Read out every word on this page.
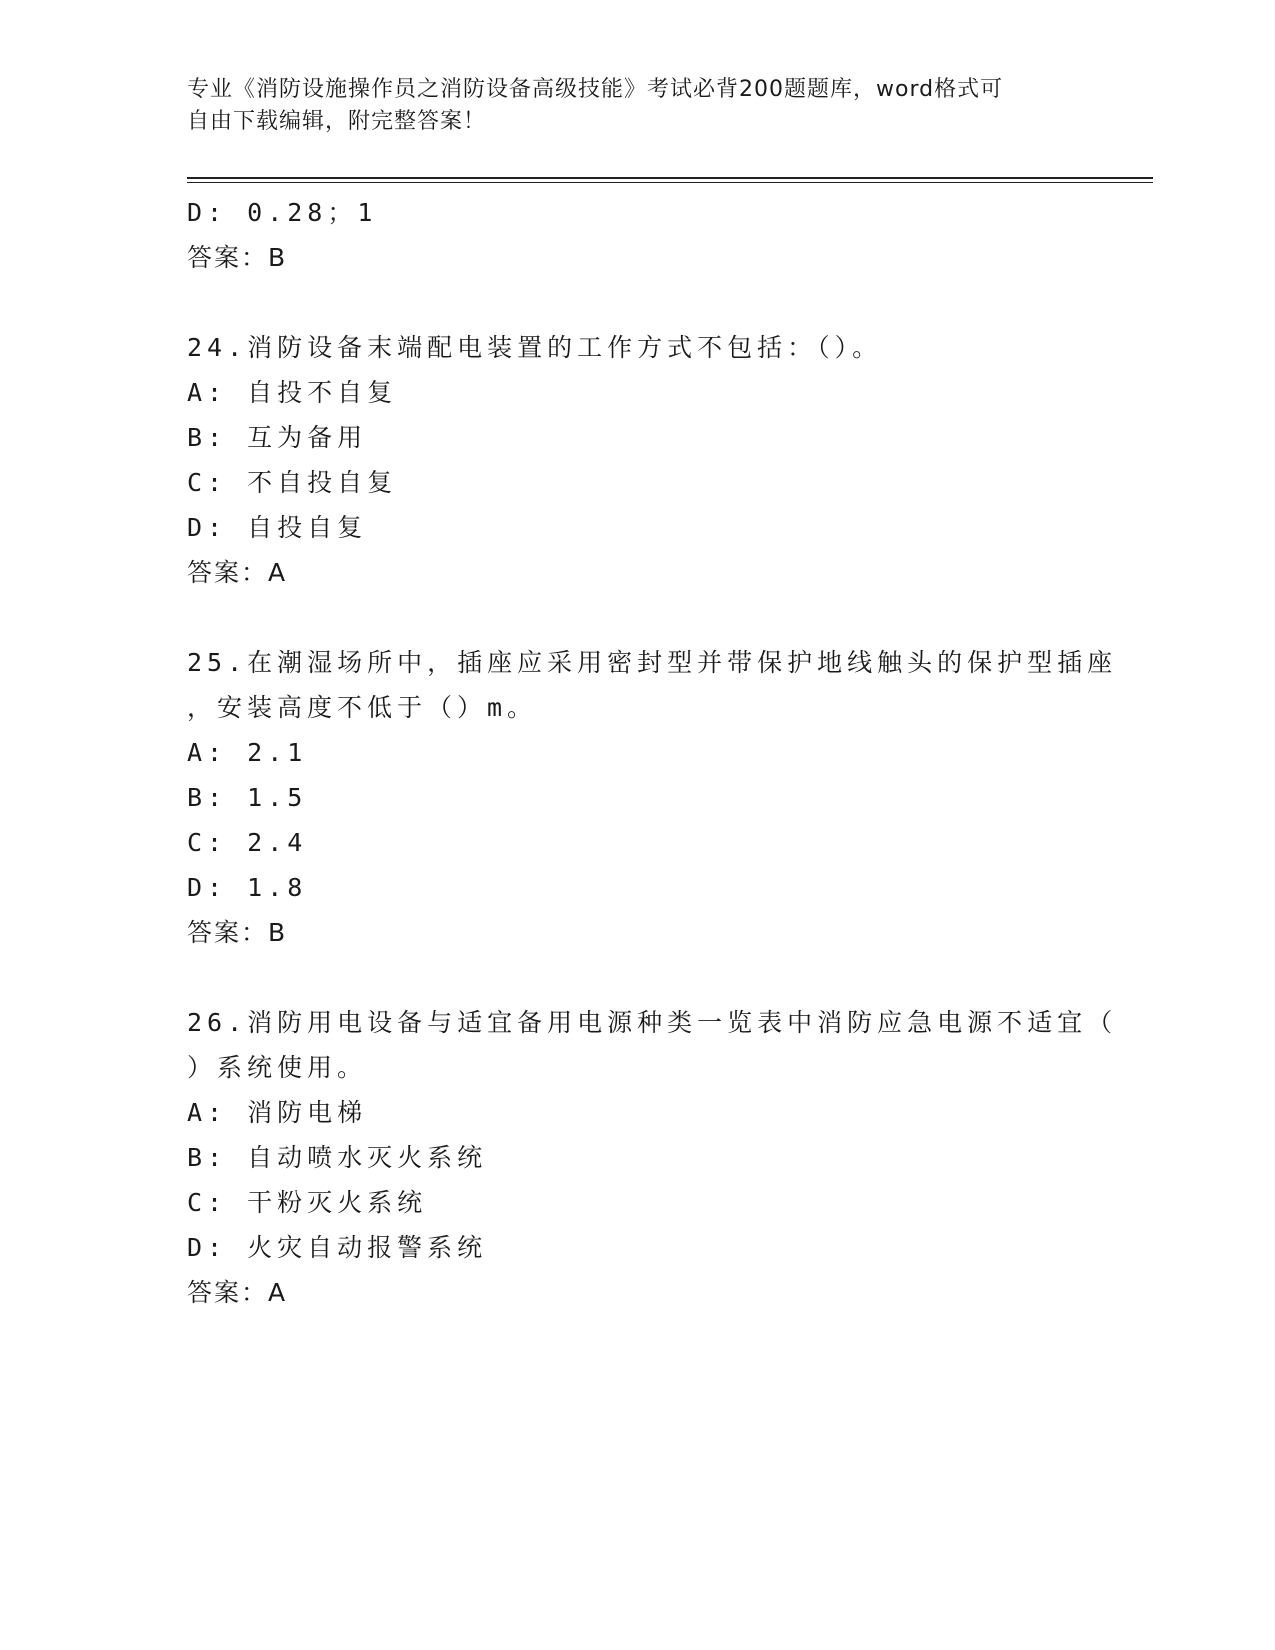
专业《消防设施操作员之消防设备高级技能》考试必背200题题库，word格式可
自由下载编辑，附完整答案！
D: 0.28；1
答案：B
24.消防设备末端配电装置的工作方式不包括：（）。
A: 自投不自复
B: 互为备用
C: 不自投自复
D: 自投自复
答案：A
25.在潮湿场所中，插座应采用密封型并带保护地线触头的保护型插座
，安装高度不低于（）m。
A: 2.1
B: 1.5
C: 2.4
D: 1.8
答案：B
26.消防用电设备与适宜备用电源种类一览表中消防应急电源不适宜（
）系统使用。
A: 消防电梯
B: 自动喷水灭火系统
C: 干粉灭火系统
D: 火灾自动报警系统
答案：A
